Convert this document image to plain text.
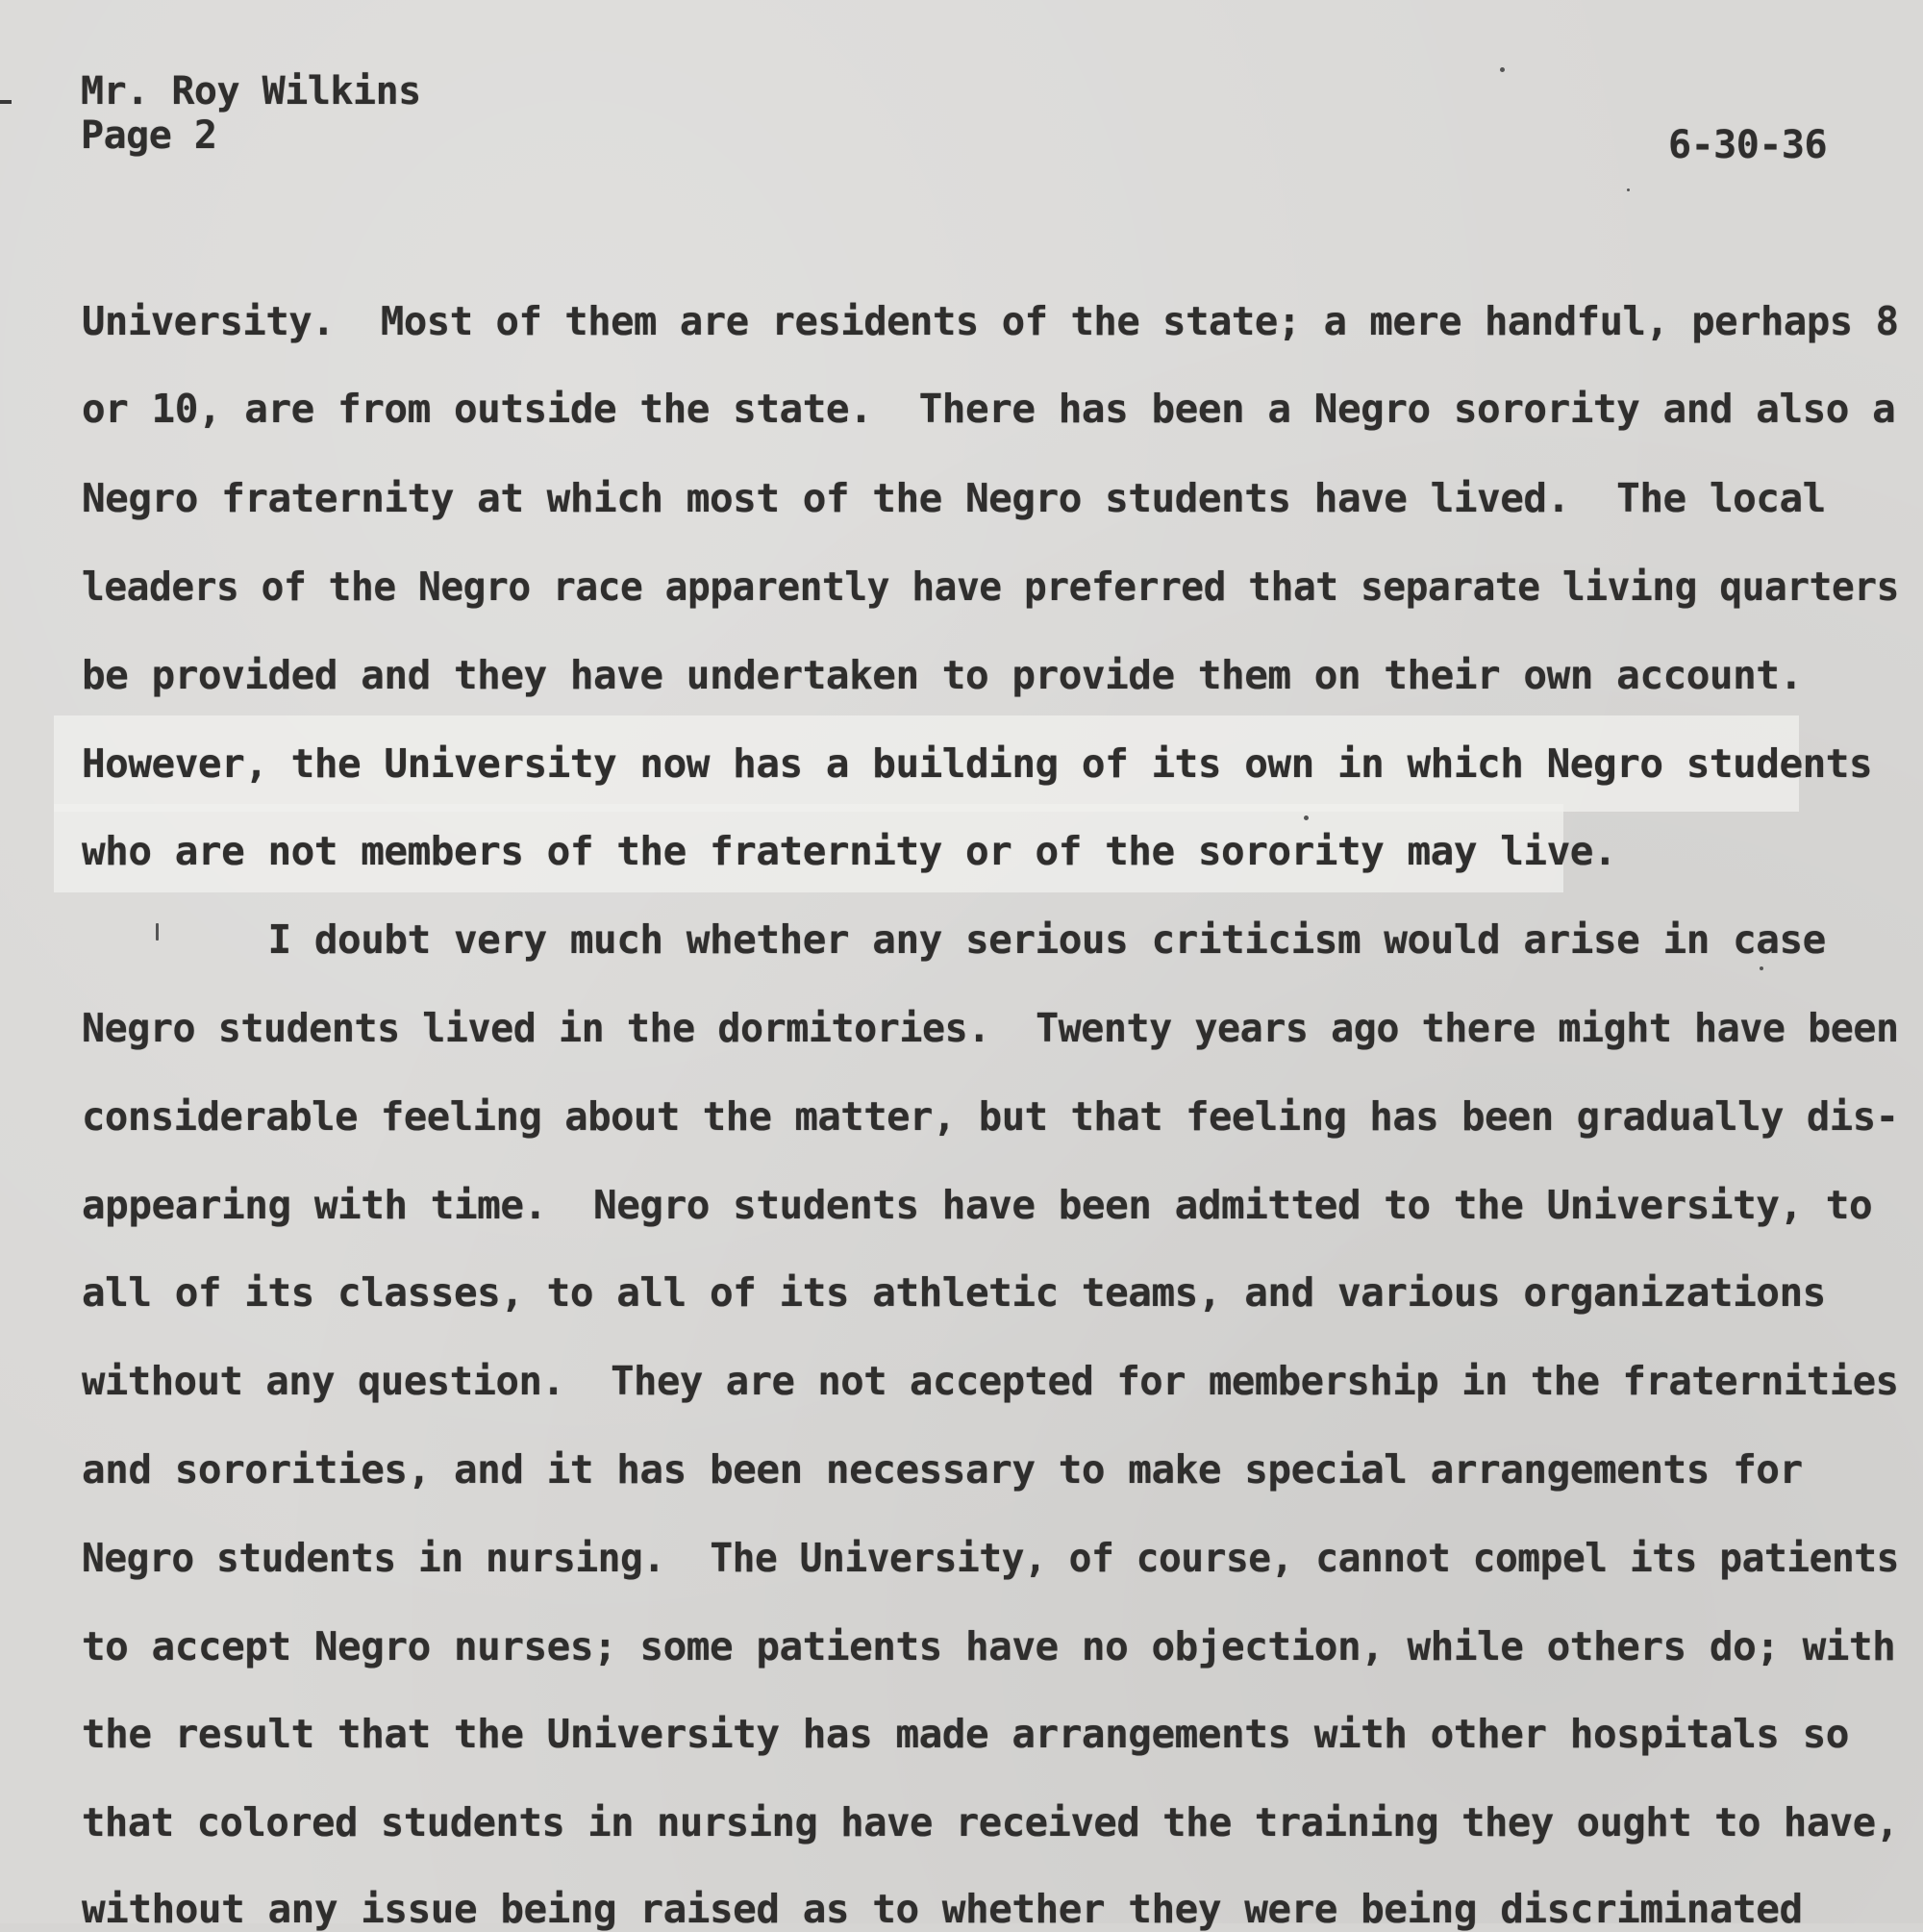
Mr. Roy Wilkins
Page 2	6-30-36
University.  Most of them are residents of the state; a mere handful, perhaps 8
or 10, are from outside the state.  There has been a Negro sorority and also a
Negro fraternity at which most of the Negro students have lived.  The local
leaders of the Negro race apparently have preferred that separate living quarters
be provided and they have undertaken to provide them on their own account.
However, the University now has a building of its own in which Negro students
who are not members of the fraternity or of the sorority may live.
I doubt very much whether any serious criticism would arise in case
Negro students lived in the dormitories.  Twenty years ago there might have been
considerable feeling about the matter, but that feeling has been gradually dis-
appearing with time.  Negro students have been admitted to the University, to
all of its classes, to all of its athletic teams, and various organizations
without any question.  They are not accepted for membership in the fraternities
and sororities, and it has been necessary to make special arrangements for
Negro students in nursing.  The University, of course, cannot compel its patients
to accept Negro nurses; some patients have no objection, while others do; with
the result that the University has made arrangements with other hospitals so
that colored students in nursing have received the training they ought to have,
without any issue being raised as to whether they were being discriminated
